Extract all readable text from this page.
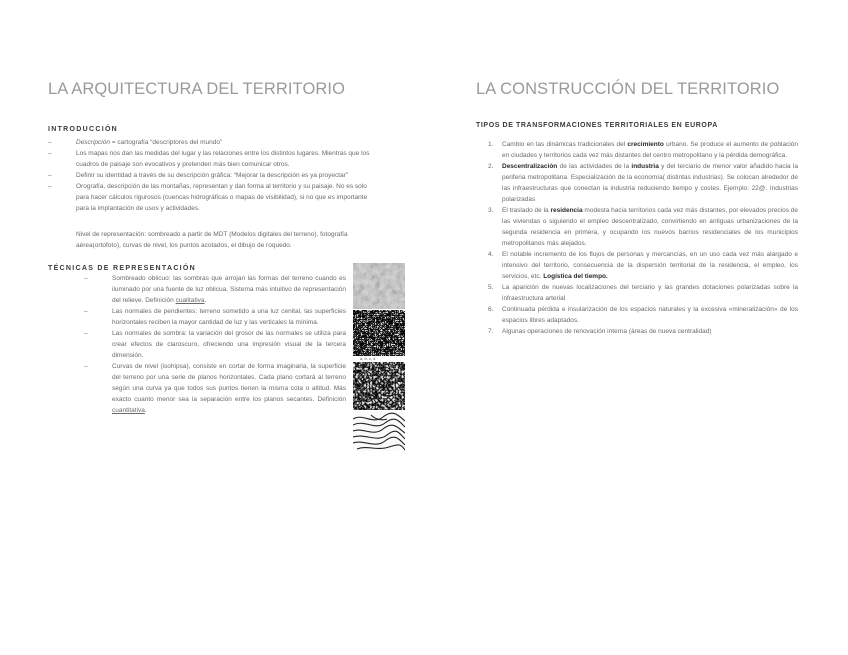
LA ARQUITECTURA DEL TERRITORIO
INTRODUCCIÓN
– Descripción = cartografía “descriptores del mundo”
– Los mapas nos dan las medidas del lugar y las relaciones entre los distintos lugares. Mientras que los cuadros de paisaje son evocativos y pretenden más bien comunicar otros.
– Definir su identidad a través de su descripción gráfica: “Mejorar la descripción es ya proyectar”
– Orografía, descripción de las montañas, representan y dan forma al territorio y su paisaje. No es solo para hacer cálculos rigurosos (cuencas hidrográficas o mapas de visibilidad), si no que es importante para la implantación de usos y actividades.
Nivel de representación: sombreado a partir de MDT (Modelos digitales del terreno), fotografía aérea(ortofoto), curvas de nivel, los puntos acotados, el dibujo de roquedo.
TÉCNICAS DE REPRESENTACIÓN
– Sombreado oblicuo: las sombras que arrojan las formas del terreno cuando es iluminado por una fuente de luz oblicua. Sistema más intuitivo de representación del relieve. Definición cualitativa.
– Las normales de pendientes: terreno sometido a una luz cenital, las superficies horizontales reciben la mayor cantidad de luz y las verticales la mínima.
– Las normales de sombra: la variación del grosor de las normales se utiliza para crear efectos de claroscuro, ofreciendo una impresión visual de la tercera dimensión.
– Curvas de nivel (isohipsa), consiste en cortar de forma imaginaria, la superficie del terreno por una serie de planos horizontales. Cada plano cortará al terreno según una curva ya que todos sus puntos tienen la misma cota o altitud. Más exacto cuanto menor sea la separación entre los planos secantes. Definición cuantitativa.
a, b, c, d
LA CONSTRUCCIÓN DEL TERRITORIO
TIPOS DE TRANSFORMACIONES TERRITORIALES EN EUROPA
1. Cambio en las dinámicas tradicionales del crecimiento urbano. Se produce el aumento de población en ciudades y territorios cada vez más distantes del centro metropolitano y la pérdida demográfica.
2. Descentralización de las actividades de la industria y del terciario de menor valor añadido hacia la periferia metropolitana. Especialización de la economía( distintas industrias). Se colocan alrededor de las infraestructuras que conectan la industria reduciendo tiempo y costes. Ejemplo: 22@. Industrias polarizadas
3. El traslado de la residencia modesta hacia territorios cada vez más distantes, por elevados precios de las viviendas o siguiendo el empleo descentralizado, convirtiendo en antiguas urbanizaciones de la segunda residencia en primera, y ocupando los nuevos barrios residenciales de los municipios metropolitanos más alejados.
4. El notable incremento de los flujos de personas y mercancías, en un uso cada vez más alargado e intensivo del territorio, consecuencia de la dispersión territorial de la residencia, el empleo, los servicios, etc. Logística del tiempo.
5. La aparición de nuevas localizaciones del terciario y las grandes dotaciones polarizadas sobre la infraestructura arterial
6. Continuada pérdida e insularización de los espacios naturales y la excesiva «mineralización» de los espacios libres adaptados.
7. Algunas operaciones de renovación interna (áreas de nueva centralidad)
